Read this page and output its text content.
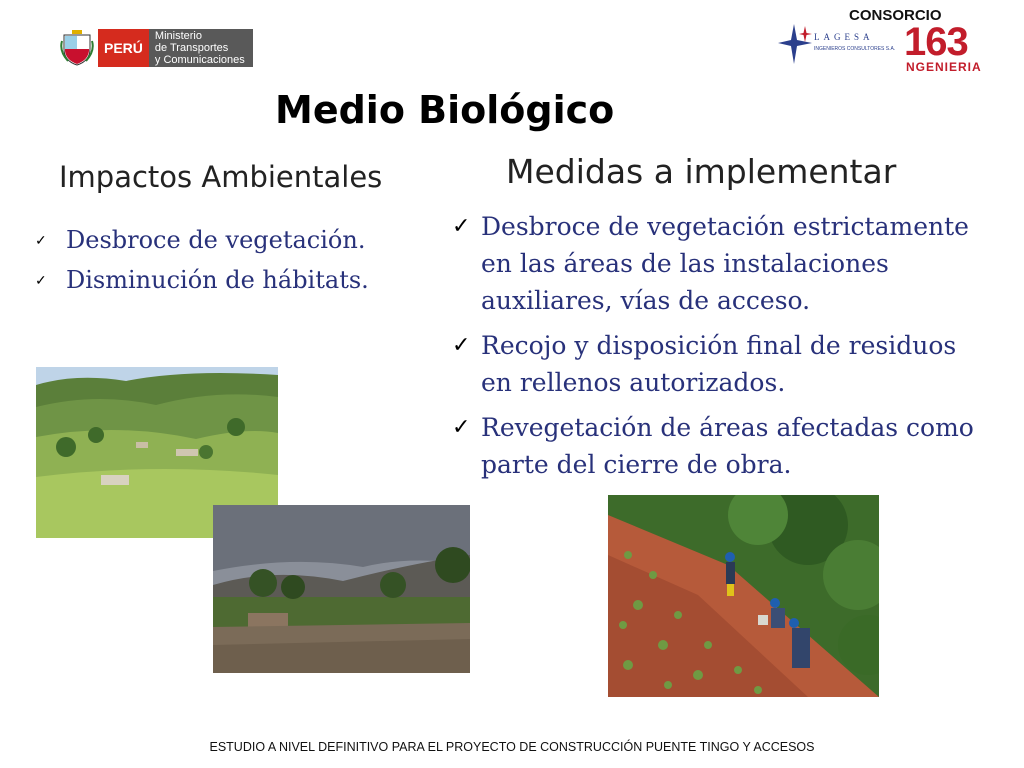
PERÚ
Ministerio
de Transportes
y Comunicaciones
CONSORCIO
LAGESA
INGENIEROS CONSULTORES S.A. 163
NGENIERIA
Medio Biológico
Impactos Ambientales	Medidas a implementar
✓ Desbroce de vegetación.
✓ Disminución de hábitats.
✓ Desbroce de vegetación estrictamente en las áreas de las instalaciones auxiliares, vías de acceso.
✓ Recojo y disposición final de residuos en rellenos autorizados.
✓ Revegetación de áreas afectadas como parte del cierre de obra.
ESTUDIO A NIVEL DEFINITIVO PARA EL PROYECTO DE CONSTRUCCIÓN PUENTE TINGO Y ACCESOS
